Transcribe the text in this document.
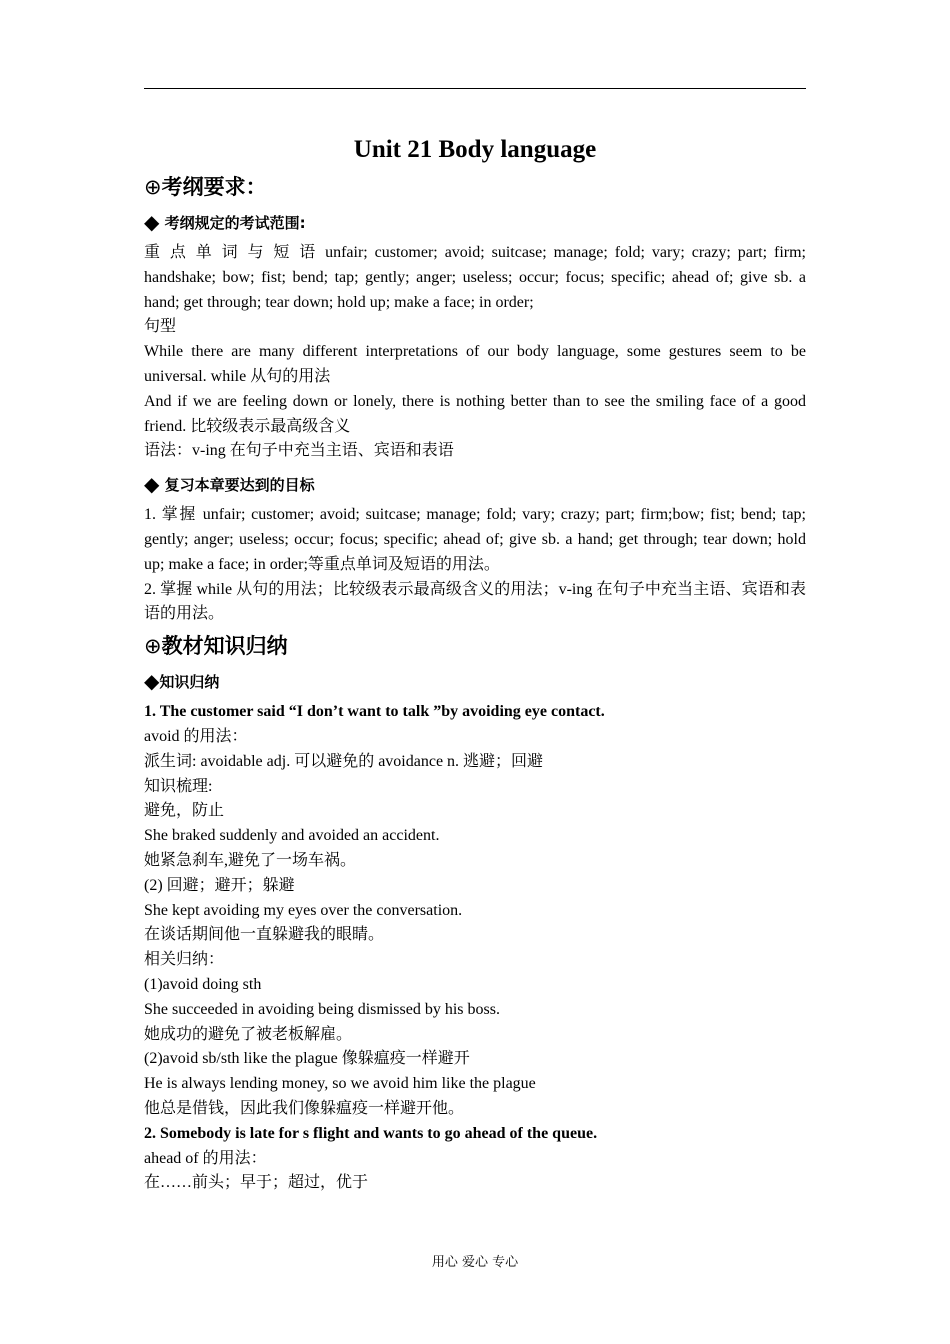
Unit 21 Body language
⊕考纲要求：
◆ 考纲规定的考试范围:

重 点 单 词 与 短 语 unfair; customer; avoid; suitcase; manage; fold; vary; crazy; part; firm; handshake; bow; fist; bend; tap; gently; anger; useless; occur; focus; specific; ahead of; give sb. a hand; get through; tear down; hold up; make a face; in order;

句型

While there are many different interpretations of our body language, some gestures seem to be universal. while 从句的用法

And if we are feeling down or lonely, there is nothing better than to see the smiling face of a good friend. 比较级表示最高级含义

语法：v-ing 在句子中充当主语、宾语和表语

◆ 复习本章要达到的目标

1. 掌握 unfair; customer; avoid; suitcase; manage; fold; vary; crazy; part; firm;bow; fist; bend; tap; gently; anger; useless; occur; focus; specific; ahead of; give sb. a hand; get through; tear down; hold up; make a face; in order;等重点单词及短语的用法。

2. 掌握 while 从句的用法；比较级表示最高级含义的用法；v-ing 在句子中充当主语、宾语和表语的用法。

⊕教材知识归纳
◆知识归纳

1. The customer said “I don’t want to talk ”by avoiding eye contact.

avoid 的用法：

派生词: avoidable adj. 可以避免的 avoidance n. 逃避；回避

知识梳理:

避免，防止

She braked suddenly and avoided an accident.

她紧急刹车,避免了一场车祸。

(2) 回避；避开；躲避

She kept avoiding my eyes over the conversation.

在谈话期间他一直躲避我的眼睛。

相关归纳：

(1)avoid doing sth

She succeeded in avoiding being dismissed by his boss.

她成功的避免了被老板解雇。

(2)avoid sb/sth like the plague 像躲瘟疫一样避开

He is always lending money, so we avoid him like the plague

他总是借钱，因此我们像躲瘟疫一样避开他。

2. Somebody is late for s flight and wants to go ahead of the queue.

ahead of 的用法：

在……前头；早于；超过，优于

用心 爱心 专心
